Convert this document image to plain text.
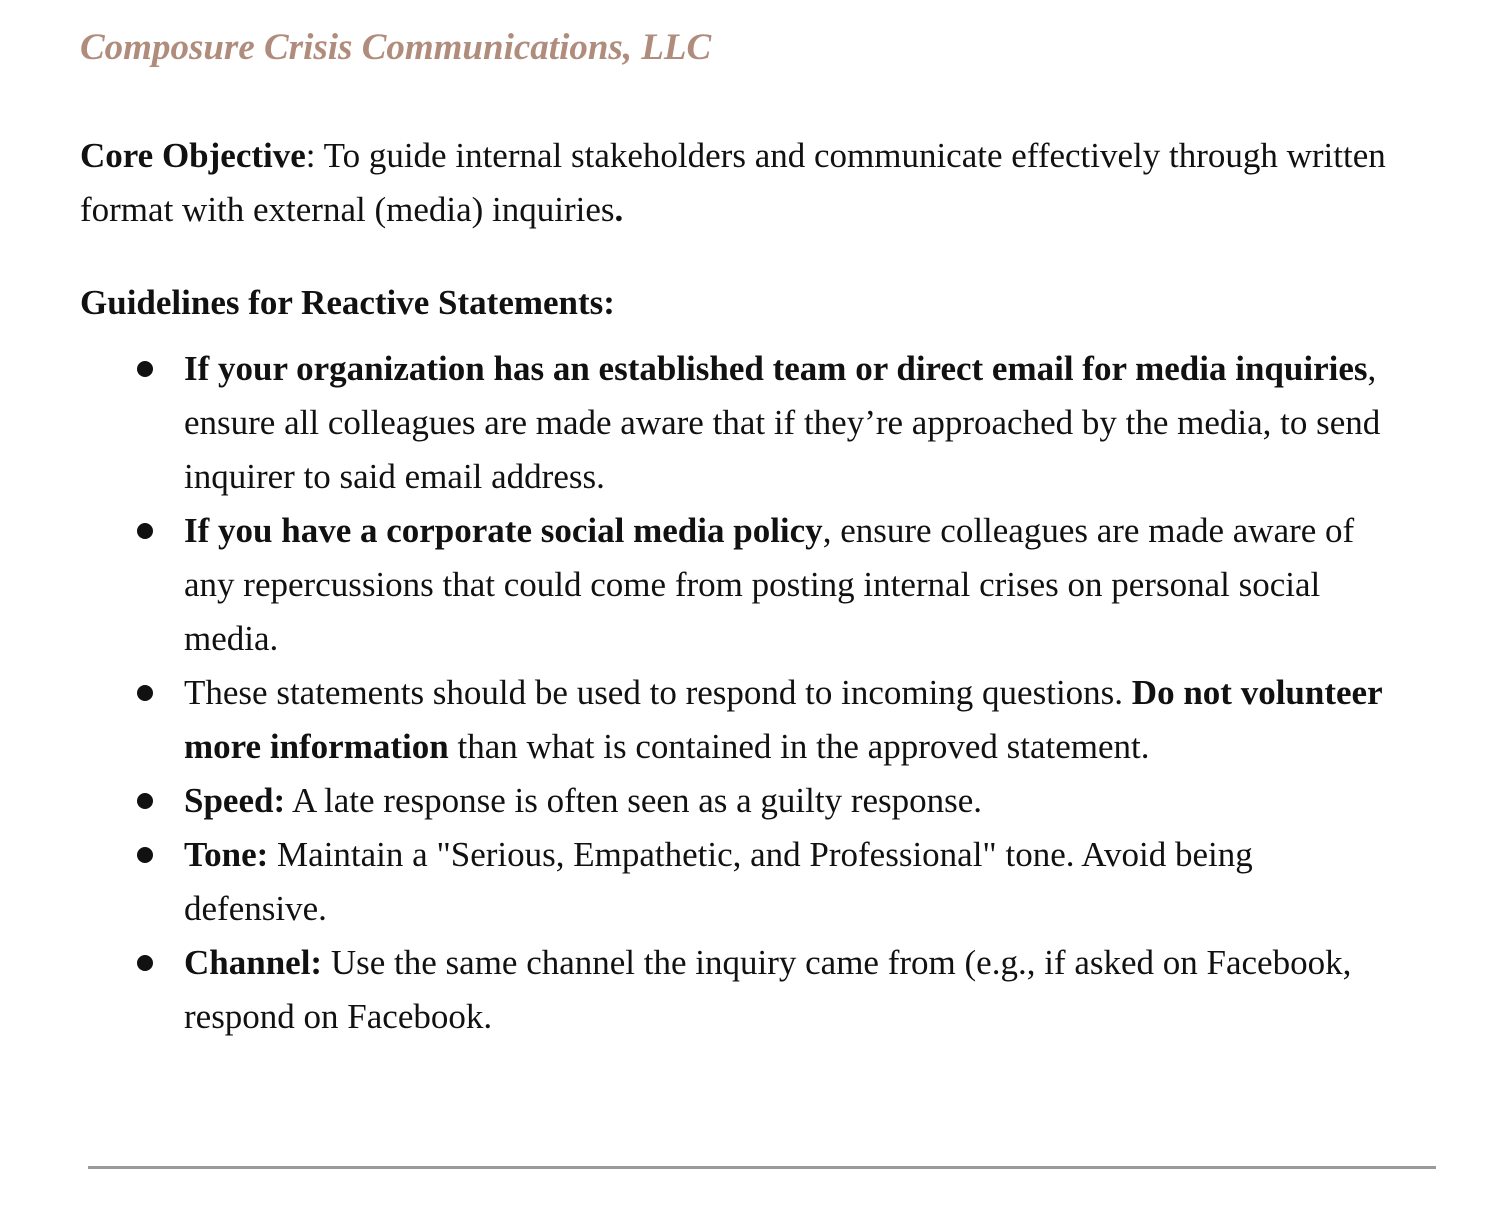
Composure Crisis Communications, LLC
Core Objective: To guide internal stakeholders and communicate effectively through written format with external (media) inquiries.
Guidelines for Reactive Statements:
If your organization has an established team or direct email for media inquiries, ensure all colleagues are made aware that if they’re approached by the media, to send inquirer to said email address.
If you have a corporate social media policy, ensure colleagues are made aware of any repercussions that could come from posting internal crises on personal social media.
These statements should be used to respond to incoming questions. Do not volunteer more information than what is contained in the approved statement.
Speed: A late response is often seen as a guilty response.
Tone: Maintain a "Serious, Empathetic, and Professional" tone. Avoid being defensive.
Channel: Use the same channel the inquiry came from (e.g., if asked on Facebook, respond on Facebook.
